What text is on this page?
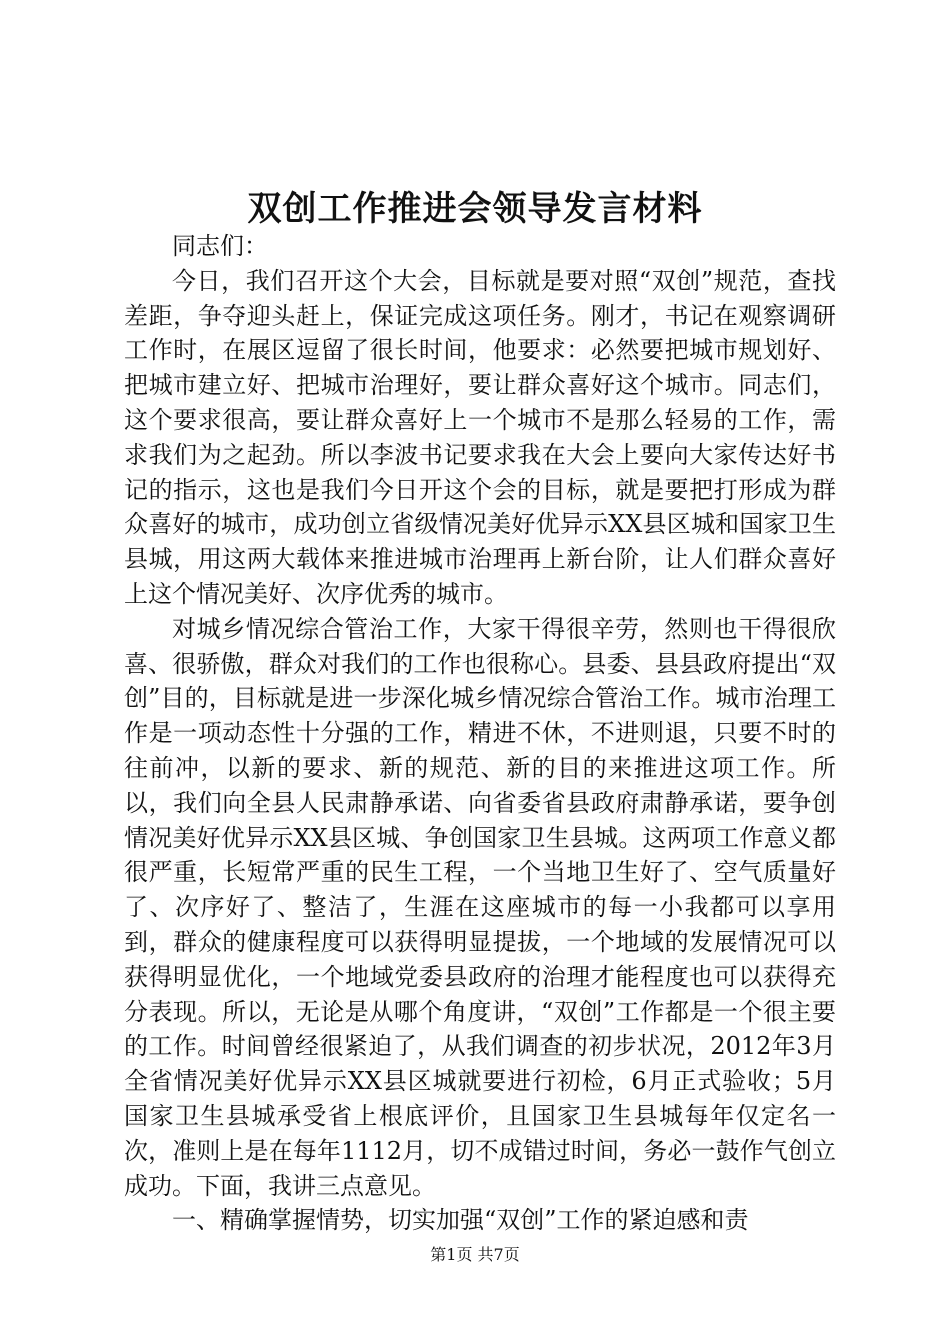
双创工作推进会领导发言材料

同志们：

今日，我们召开这个大会，目标就是要对照“双创”规范，查找差距，争夺迎头赶上，保证完成这项任务。刚才，书记在观察调研工作时，在展区逗留了很长时间，他要求：必然要把城市规划好、把城市建立好、把城市治理好，要让群众喜好这个城市。同志们，这个要求很高，要让群众喜好上一个城市不是那么轻易的工作，需求我们为之起劲。所以李波书记要求我在大会上要向大家传达好书记的指示，这也是我们今日开这个会的目标，就是要把打形成为群众喜好的城市，成功创立省级情况美好优异示XX县区城和国家卫生县城，用这两大载体来推进城市治理再上新台阶，让人们群众喜好上这个情况美好、次序优秀的城市。

对城乡情况综合管治工作，大家干得很辛劳，然则也干得很欣喜、很骄傲，群众对我们的工作也很称心。县委、县县政府提出“双创”目的，目标就是进一步深化城乡情况综合管治工作。城市治理工作是一项动态性十分强的工作，精进不休，不进则退，只要不时的往前冲，以新的要求、新的规范、新的目的来推进这项工作。所以，我们向全县人民肃静承诺、向省委省县政府肃静承诺，要争创情况美好优异示XX县区城、争创国家卫生县城。这两项工作意义都很严重，长短常严重的民生工程，一个当地卫生好了、空气质量好了、次序好了、整洁了，生涯在这座城市的每一小我都可以享用到，群众的健康程度可以获得明显提拔，一个地域的发展情况可以获得明显优化，一个地域党委县政府的治理才能程度也可以获得充分表现。所以，无论是从哪个角度讲，“双创”工作都是一个很主要的工作。时间曾经很紧迫了，从我们调查的初步状况，2012年3月全省情况美好优异示XX县区城就要进行初检，6月正式验收；5月国家卫生县城承受省上根底评价，且国家卫生县城每年仅定名一次，准则上是在每年1112月，切不成错过时间，务必一鼓作气创立成功。下面，我讲三点意见。

一、精确掌握情势，切实加强“双创”工作的紧迫感和责

第1页 共7页
